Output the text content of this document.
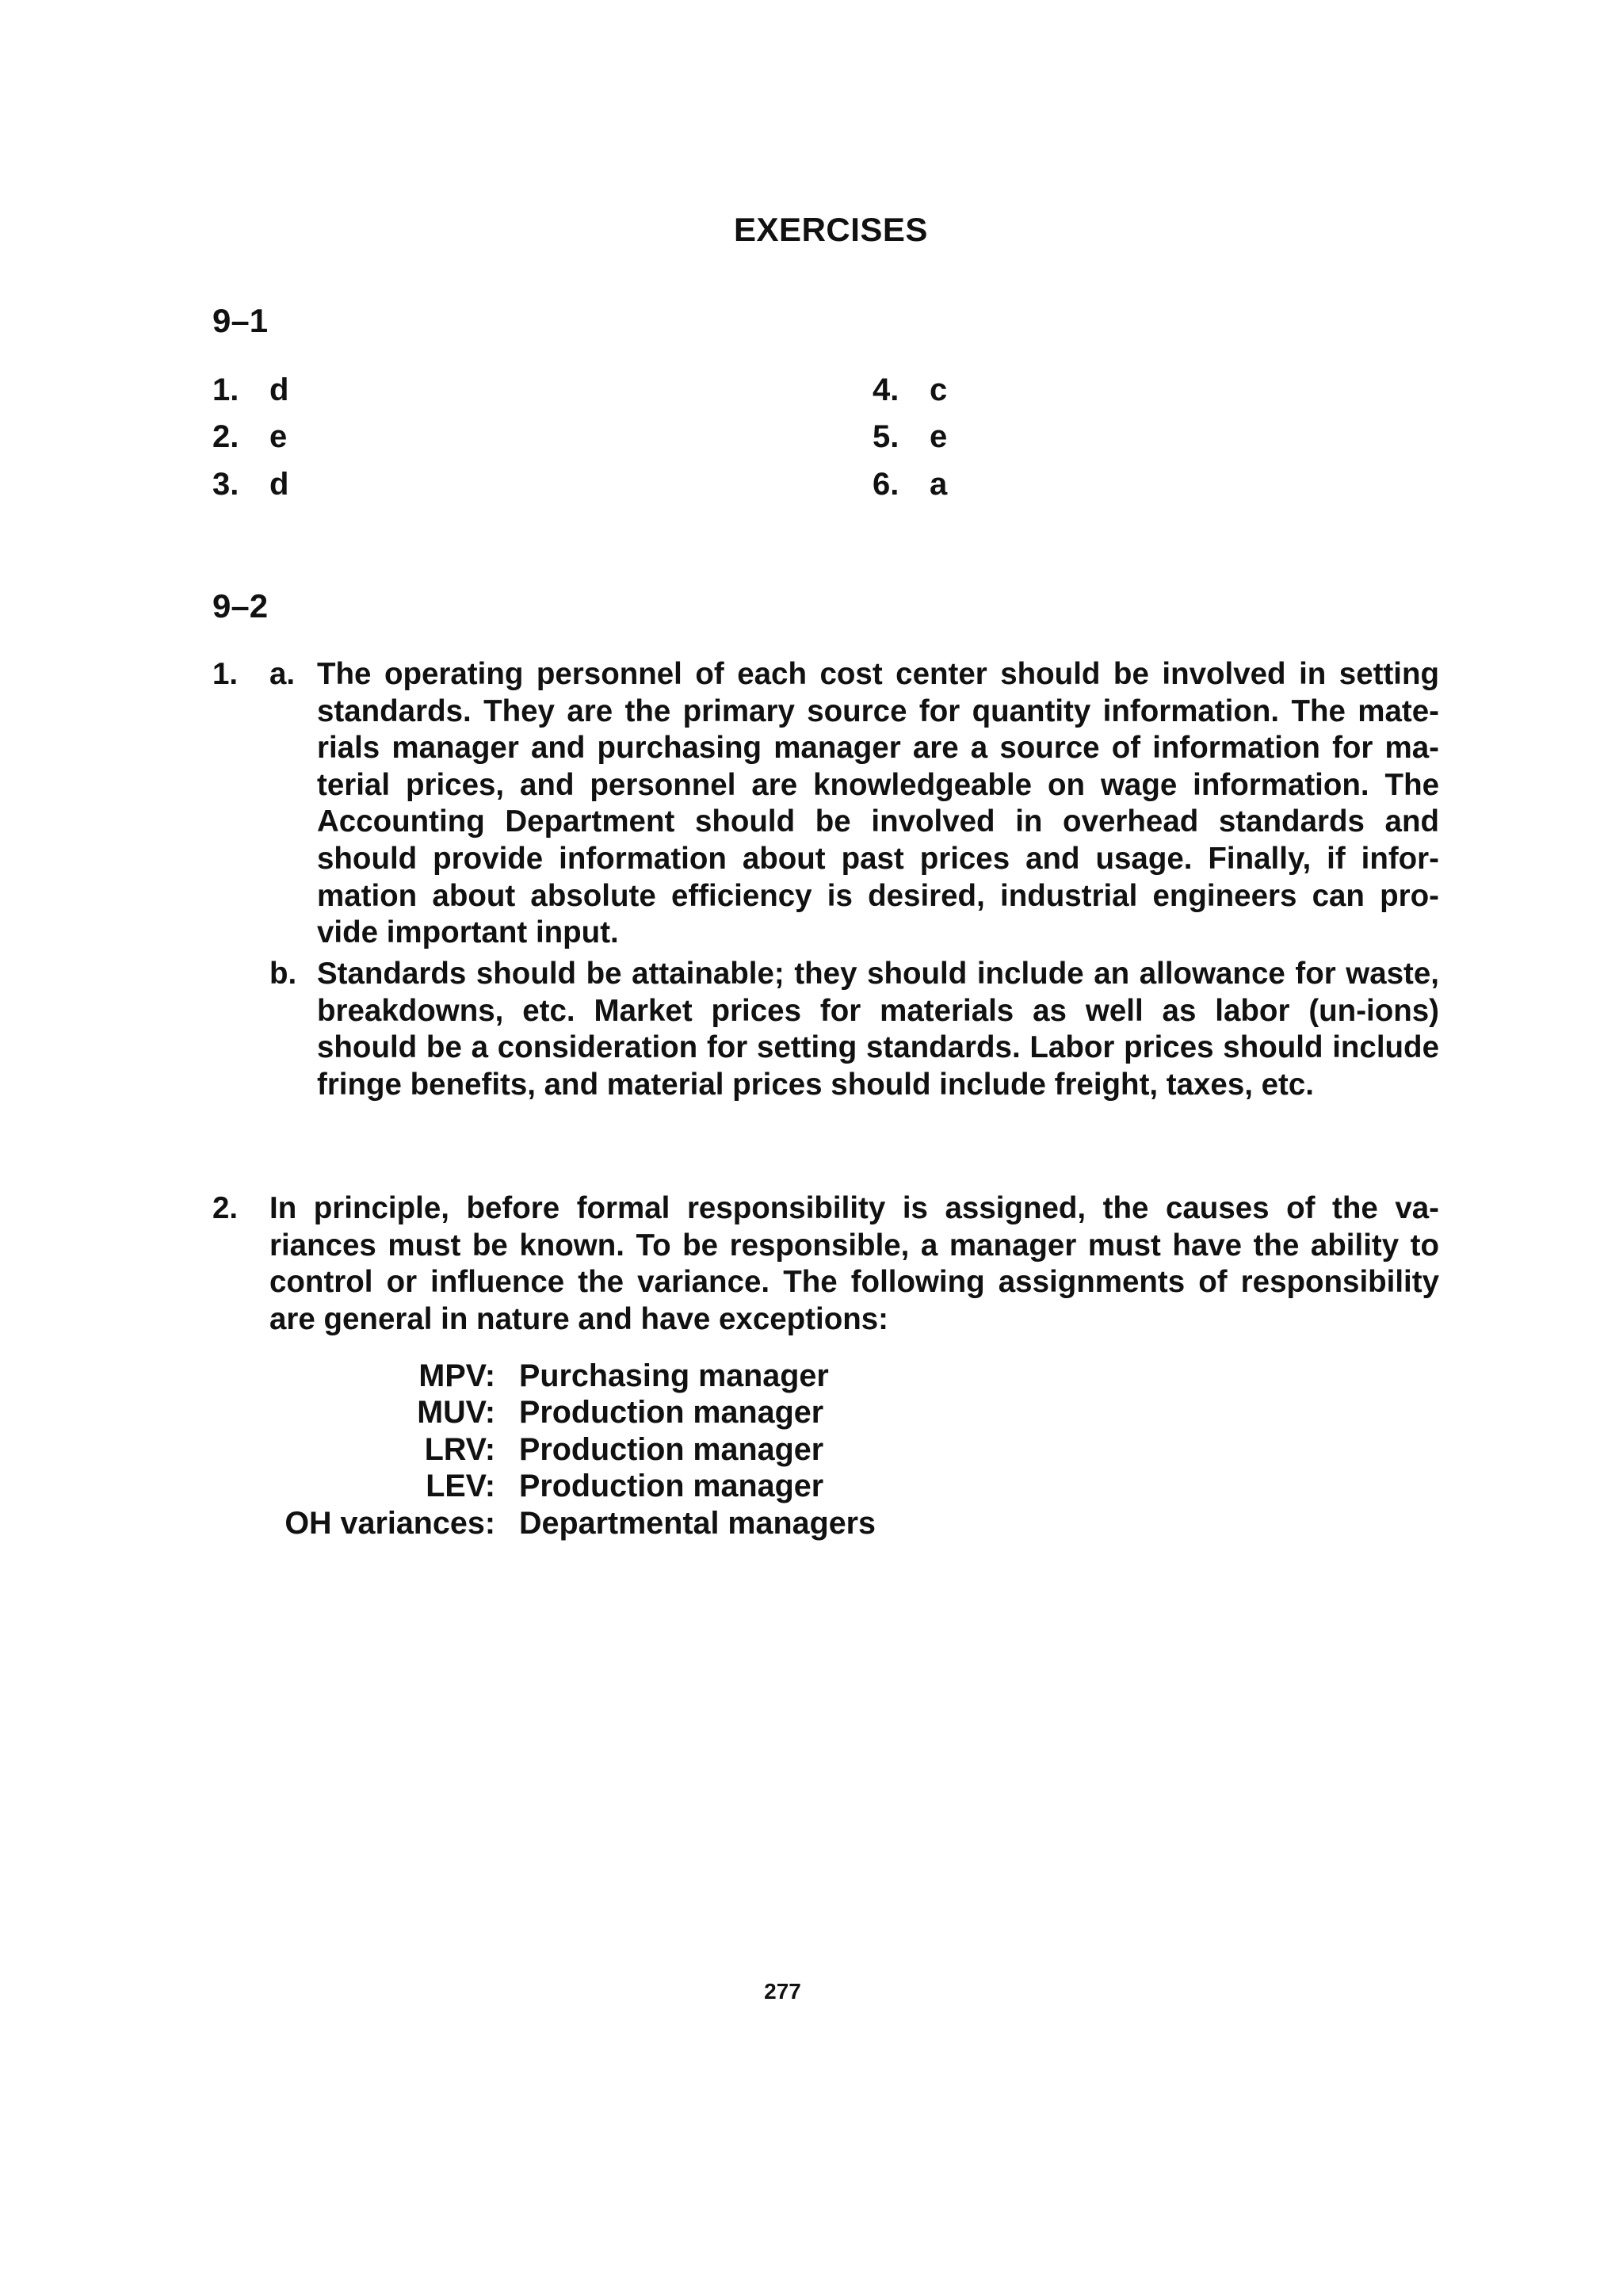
EXERCISES
9–1
1. d
2. e
3. d
4. c
5. e
6. a
9–2
1. a. The operating personnel of each cost center should be involved in setting standards. They are the primary source for quantity information. The mate-rials manager and purchasing manager are a source of information for ma-terial prices, and personnel are knowledgeable on wage information. The Accounting Department should be involved in overhead standards and should provide information about past prices and usage. Finally, if infor-mation about absolute efficiency is desired, industrial engineers can pro-vide important input.
b. Standards should be attainable; they should include an allowance for waste, breakdowns, etc. Market prices for materials as well as labor (un-ions) should be a consideration for setting standards. Labor prices should include fringe benefits, and material prices should include freight, taxes, etc.
2. In principle, before formal responsibility is assigned, the causes of the va-riances must be known. To be responsible, a manager must have the ability to control or influence the variance. The following assignments of responsibility are general in nature and have exceptions:
MPV: Purchasing manager
MUV: Production manager
LRV: Production manager
LEV: Production manager
OH variances: Departmental managers
277
